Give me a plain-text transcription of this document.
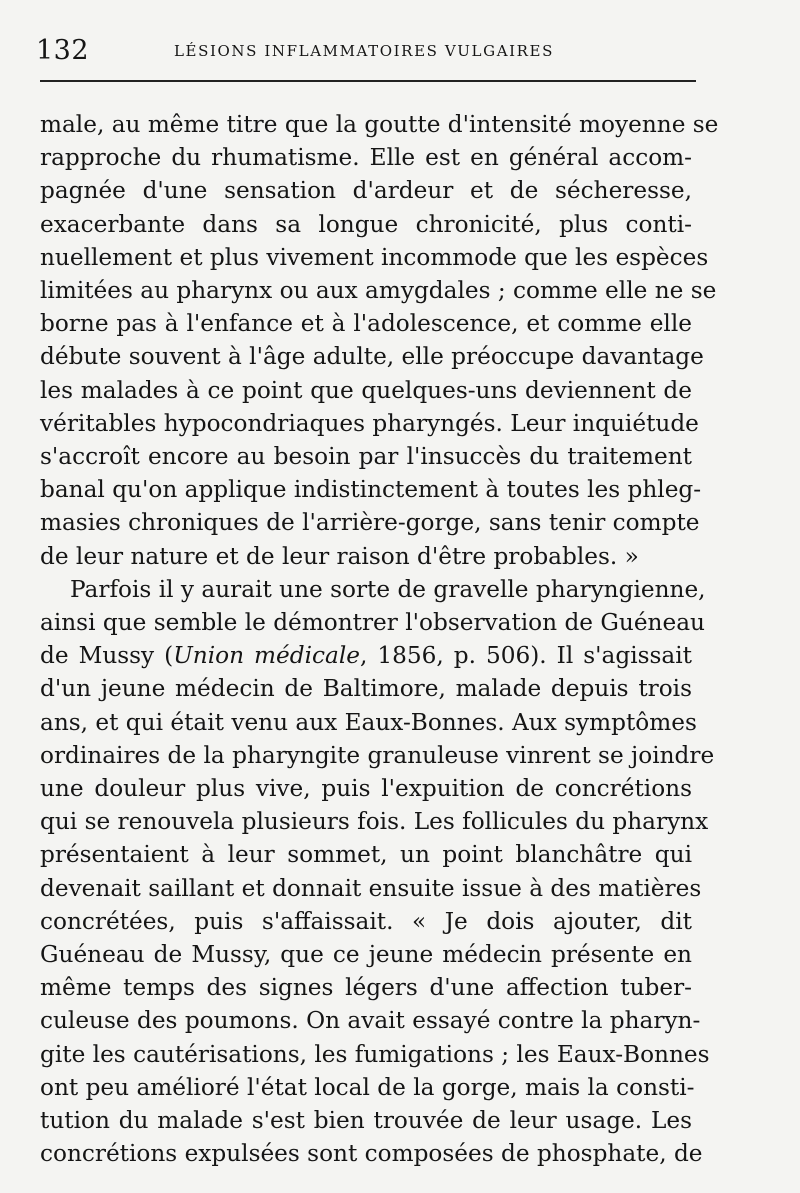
132	LÉSIONS INFLAMMATOIRES VULGAIRES
male, au même titre que la goutte d'intensité moyenne se
rapproche du rhumatisme. Elle est en général accom-
pagnée d'une sensation d'ardeur et de sécheresse,
exacerbante dans sa longue chronicité, plus conti-
nuellement et plus vivement incommode que les espèces
limitées au pharynx ou aux amygdales ; comme elle ne se
borne pas à l'enfance et à l'adolescence, et comme elle
débute souvent à l'âge adulte, elle préoccupe davantage
les malades à ce point que quelques-uns deviennent de
véritables hypocondriaques pharyngés. Leur inquiétude
s'accroît encore au besoin par l'insuccès du traitement
banal qu'on applique indistinctement à toutes les phleg-
masies chroniques de l'arrière-gorge, sans tenir compte
de leur nature et de leur raison d'être probables. »
Parfois il y aurait une sorte de gravelle pharyngienne,
ainsi que semble le démontrer l'observation de Guéneau
de Mussy (Union médicale, 1856, p. 506). Il s'agissait
d'un jeune médecin de Baltimore, malade depuis trois
ans, et qui était venu aux Eaux-Bonnes. Aux symptômes
ordinaires de la pharyngite granuleuse vinrent se joindre
une douleur plus vive, puis l'expuition de concrétions
qui se renouvela plusieurs fois. Les follicules du pharynx
présentaient à leur sommet, un point blanchâtre qui
devenait saillant et donnait ensuite issue à des matières
concrétées, puis s'affaissait. « Je dois ajouter, dit
Guéneau de Mussy, que ce jeune médecin présente en
même temps des signes légers d'une affection tuber-
culeuse des poumons. On avait essayé contre la pharyn-
gite les cautérisations, les fumigations ; les Eaux-Bonnes
ont peu amélioré l'état local de la gorge, mais la consti-
tution du malade s'est bien trouvée de leur usage. Les
concrétions expulsées sont composées de phosphate, de
